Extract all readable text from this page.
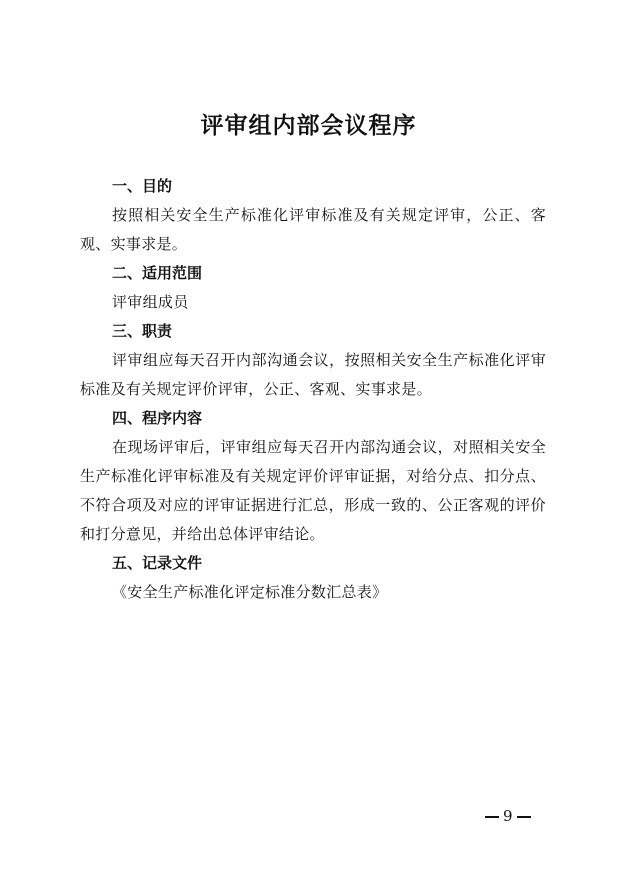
评审组内部会议程序
一、目的
按照相关安全生产标准化评审标准及有关规定评审，公正、客观、实事求是。
二、适用范围
评审组成员
三、职责
评审组应每天召开内部沟通会议，按照相关安全生产标准化评审标准及有关规定评价评审，公正、客观、实事求是。
四、程序内容
在现场评审后，评审组应每天召开内部沟通会议，对照相关安全生产标准化评审标准及有关规定评价评审证据，对给分点、扣分点、不符合项及对应的评审证据进行汇总，形成一致的、公正客观的评价和打分意见，并给出总体评审结论。
五、记录文件
《安全生产标准化评定标准分数汇总表》
9
